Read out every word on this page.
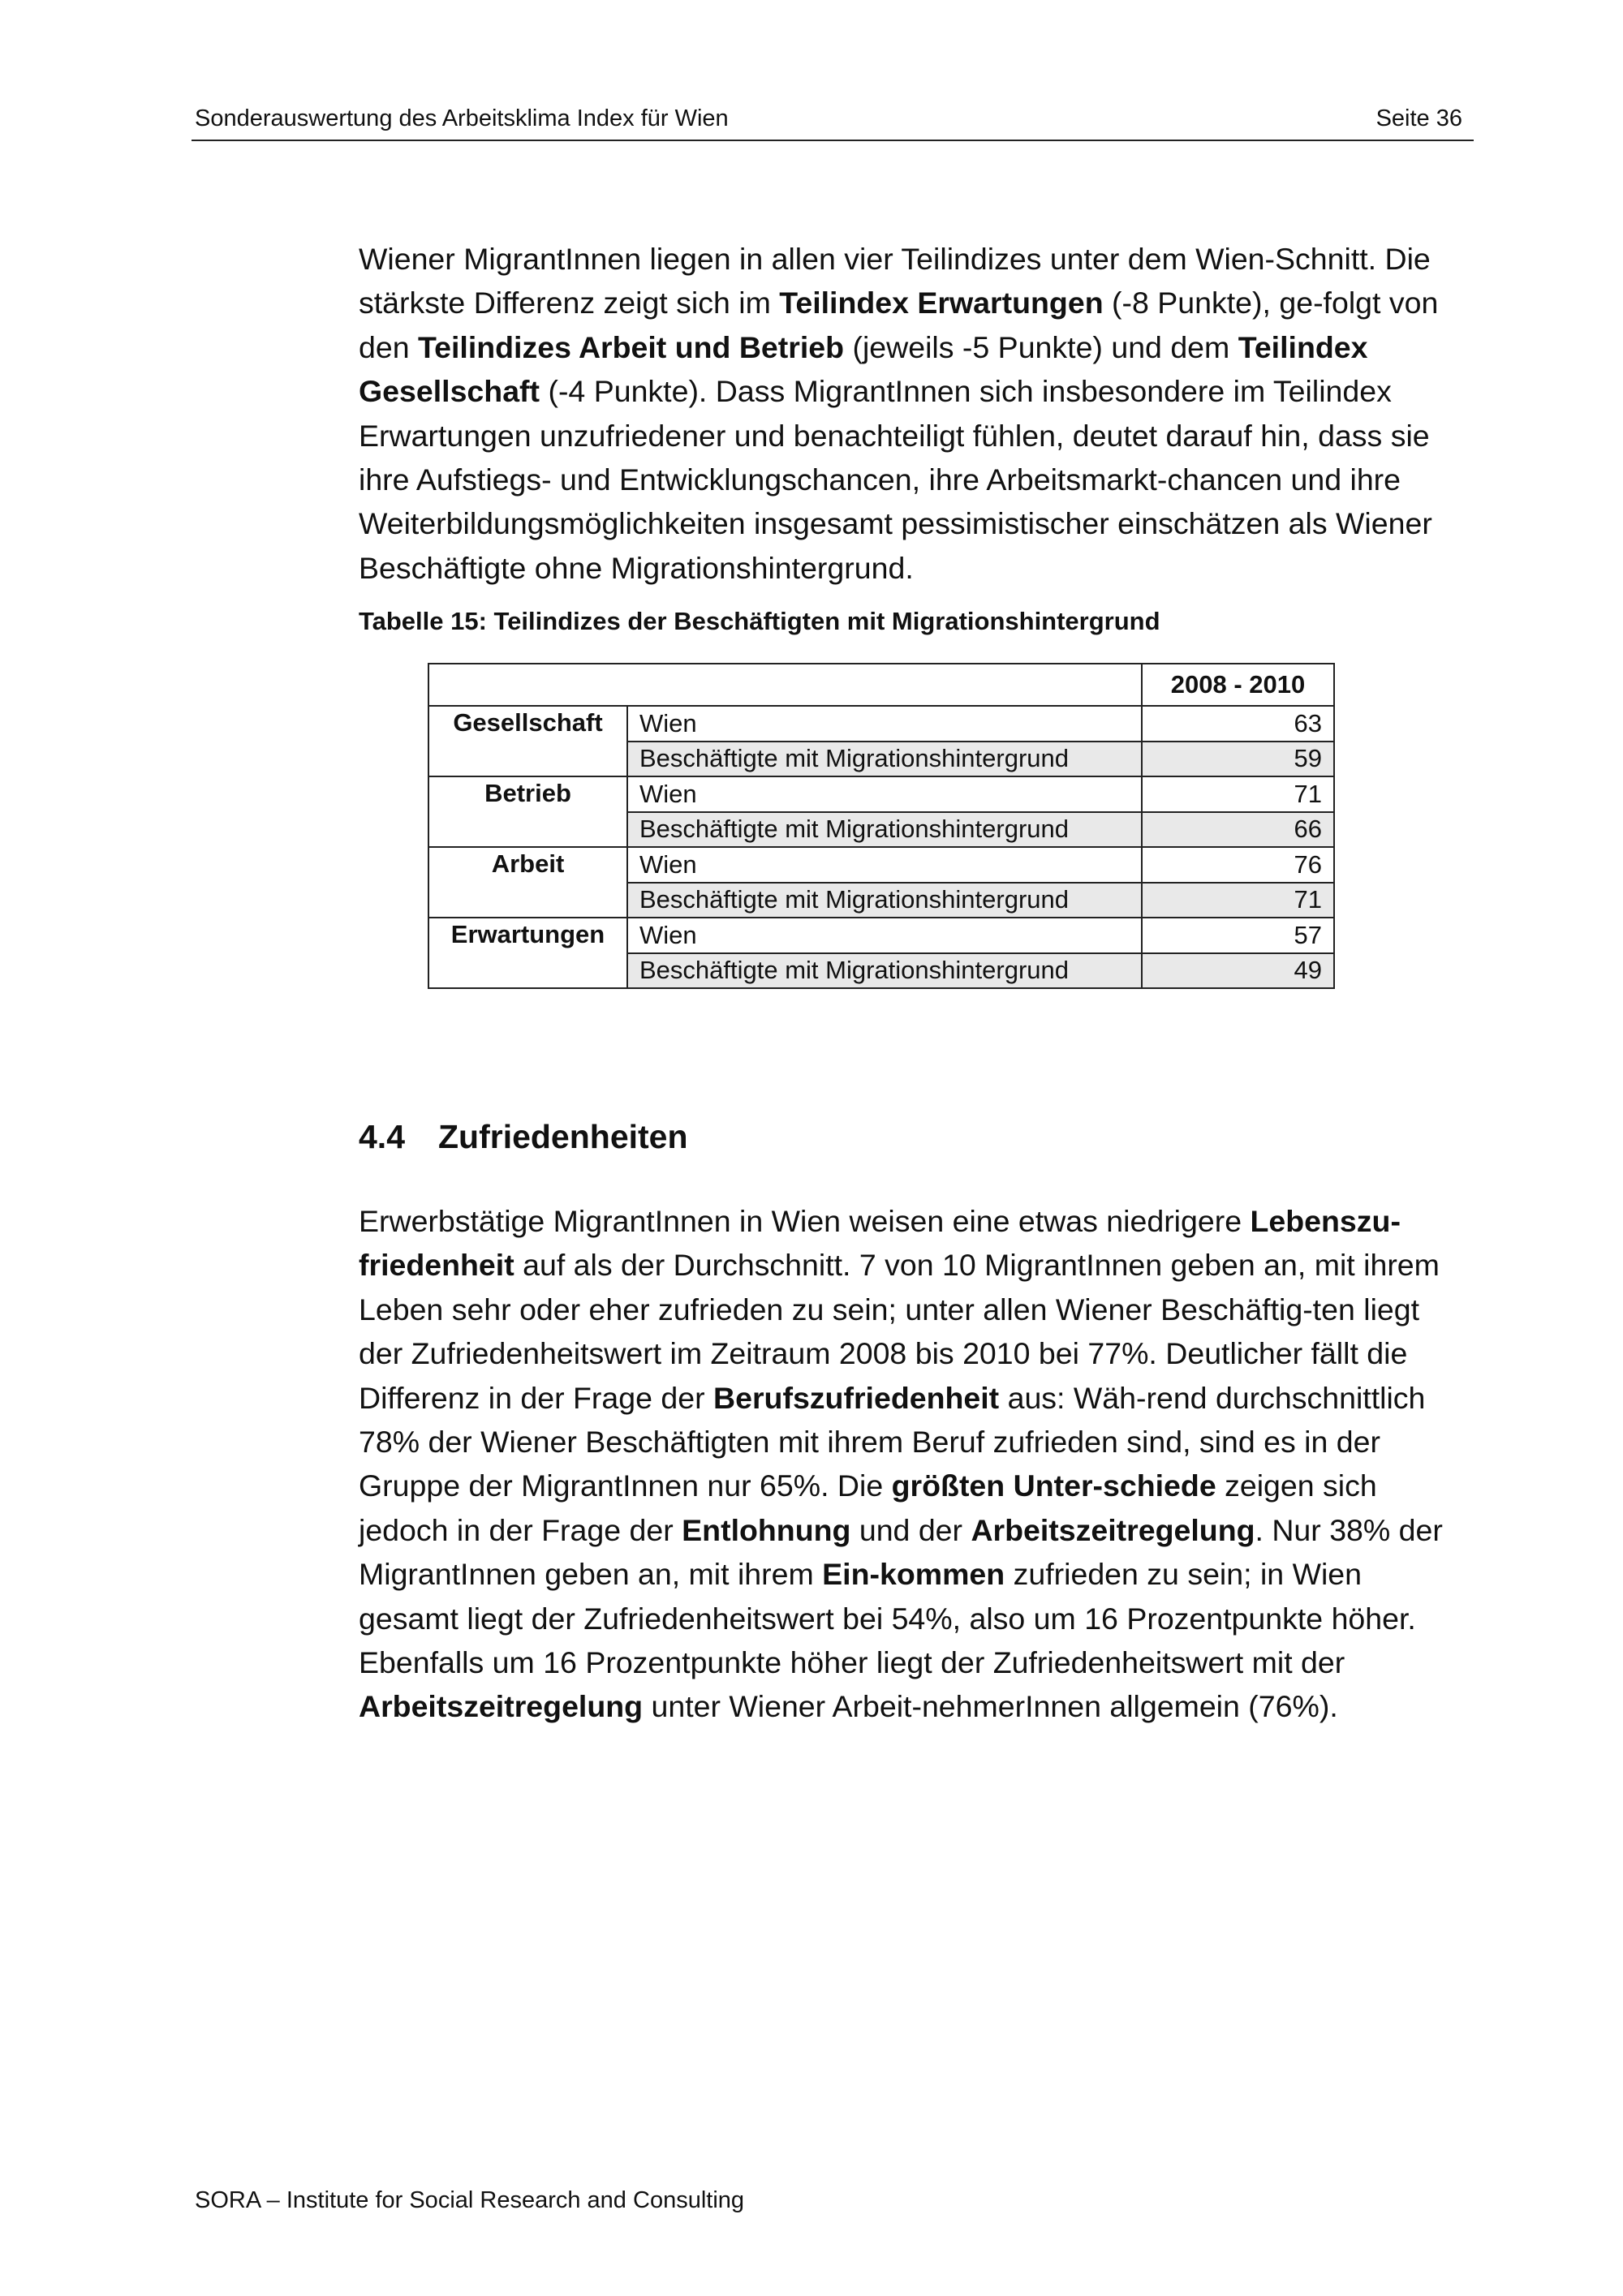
Sonderauswertung des Arbeitsklima Index für Wien	Seite 36

Wiener MigrantInnen liegen in allen vier Teilindizes unter dem Wien-Schnitt. Die stärkste Differenz zeigt sich im Teilindex Erwartungen (-8 Punkte), ge-folgt von den Teilindizes Arbeit und Betrieb (jeweils -5 Punkte) und dem Teilindex Gesellschaft (-4 Punkte). Dass MigrantInnen sich insbesondere im Teilindex Erwartungen unzufriedener und benachteiligt fühlen, deutet darauf hin, dass sie ihre Aufstiegs- und Entwicklungschancen, ihre Arbeitsmarkt-chancen und ihre Weiterbildungsmöglichkeiten insgesamt pessimistischer einschätzen als Wiener Beschäftigte ohne Migrationshintergrund.

Tabelle 15: Teilindizes der Beschäftigten mit Migrationshintergrund
		2008 - 2010
Gesellschaft	Wien	63
	Beschäftigte mit Migrationshintergrund	59
Betrieb	Wien	71
	Beschäftigte mit Migrationshintergrund	66
Arbeit	Wien	76
	Beschäftigte mit Migrationshintergrund	71
Erwartungen	Wien	57
	Beschäftigte mit Migrationshintergrund	49
4.4 Zufriedenheiten

Erwerbstätige MigrantInnen in Wien weisen eine etwas niedrigere Lebenszu-friedenheit auf als der Durchschnitt. 7 von 10 MigrantInnen geben an, mit ihrem Leben sehr oder eher zufrieden zu sein; unter allen Wiener Beschäftig-ten liegt der Zufriedenheitswert im Zeitraum 2008 bis 2010 bei 77%. Deutlicher fällt die Differenz in der Frage der Berufszufriedenheit aus: Wäh-rend durchschnittlich 78% der Wiener Beschäftigten mit ihrem Beruf zufrieden sind, sind es in der Gruppe der MigrantInnen nur 65%. Die größten Unter-schiede zeigen sich jedoch in der Frage der Entlohnung und der Arbeitszeitregelung. Nur 38% der MigrantInnen geben an, mit ihrem Ein-kommen zufrieden zu sein; in Wien gesamt liegt der Zufriedenheitswert bei 54%, also um 16 Prozentpunkte höher. Ebenfalls um 16 Prozentpunkte höher liegt der Zufriedenheitswert mit der Arbeitszeitregelung unter Wiener Arbeit-nehmerInnen allgemein (76%).

SORA – Institute for Social Research and Consulting
